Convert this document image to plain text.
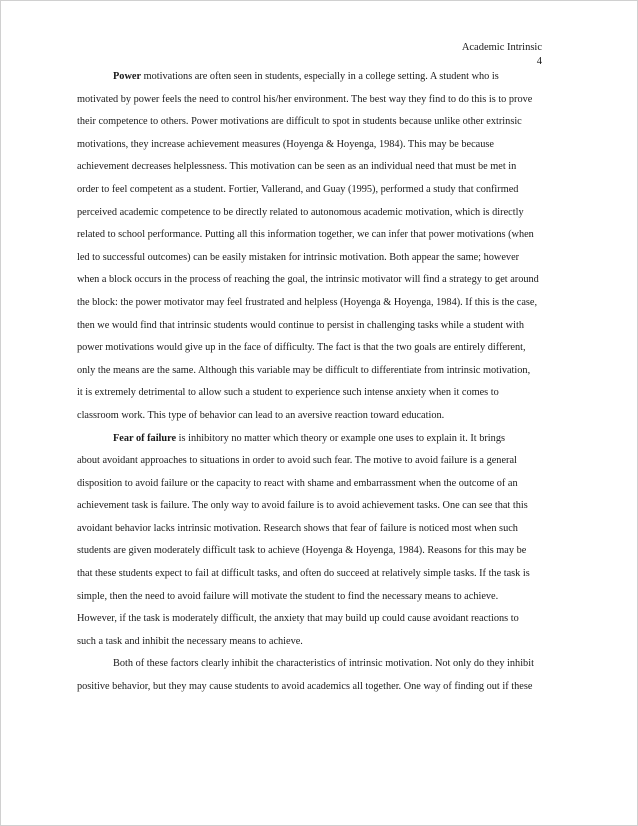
Academic Intrinsic
4
Power motivations are often seen in students, especially in a college setting. A student who is
motivated by power feels the need to control his/her environment. The best way they find to do this is to prove
their competence to others. Power motivations are difficult to spot in students because unlike other extrinsic
motivations, they increase achievement measures (Hoyenga & Hoyenga, 1984). This may be because
achievement decreases helplessness. This motivation can be seen as an individual need that must be met in
order to feel competent as a student. Fortier, Vallerand, and Guay (1995), performed a study that confirmed
perceived academic competence to be directly related to autonomous academic motivation, which is directly
related to school performance. Putting all this information together, we can infer that power motivations (when
led to successful outcomes) can be easily mistaken for intrinsic motivation. Both appear the same; however
when a block occurs in the process of reaching the goal, the intrinsic motivator will find a strategy to get around
the block: the power motivator may feel frustrated and helpless (Hoyenga & Hoyenga, 1984). If this is the case,
then we would find that intrinsic students would continue to persist in challenging tasks while a student with
power motivations would give up in the face of difficulty. The fact is that the two goals are entirely different,
only the means are the same. Although this variable may be difficult to differentiate from intrinsic motivation,
it is extremely detrimental to allow such a student to experience such intense anxiety when it comes to
classroom work. This type of behavior can lead to an aversive reaction toward education.
Fear of failure is inhibitory no matter which theory or example one uses to explain it. It brings
about avoidant approaches to situations in order to avoid such fear. The motive to avoid failure is a general
disposition to avoid failure or the capacity to react with shame and embarrassment when the outcome of an
achievement task is failure. The only way to avoid failure is to avoid achievement tasks. One can see that this
avoidant behavior lacks intrinsic motivation. Research shows that fear of failure is noticed most when such
students are given moderately difficult task to achieve (Hoyenga & Hoyenga, 1984). Reasons for this may be
that these students expect to fail at difficult tasks, and often do succeed at relatively simple tasks. If the task is
simple, then the need to avoid failure will motivate the student to find the necessary means to achieve.
However, if the task is moderately difficult, the anxiety that may build up could cause avoidant reactions to
such a task and inhibit the necessary means to achieve.
Both of these factors clearly inhibit the characteristics of intrinsic motivation. Not only do they inhibit
positive behavior, but they may cause students to avoid academics all together. One way of finding out if these
